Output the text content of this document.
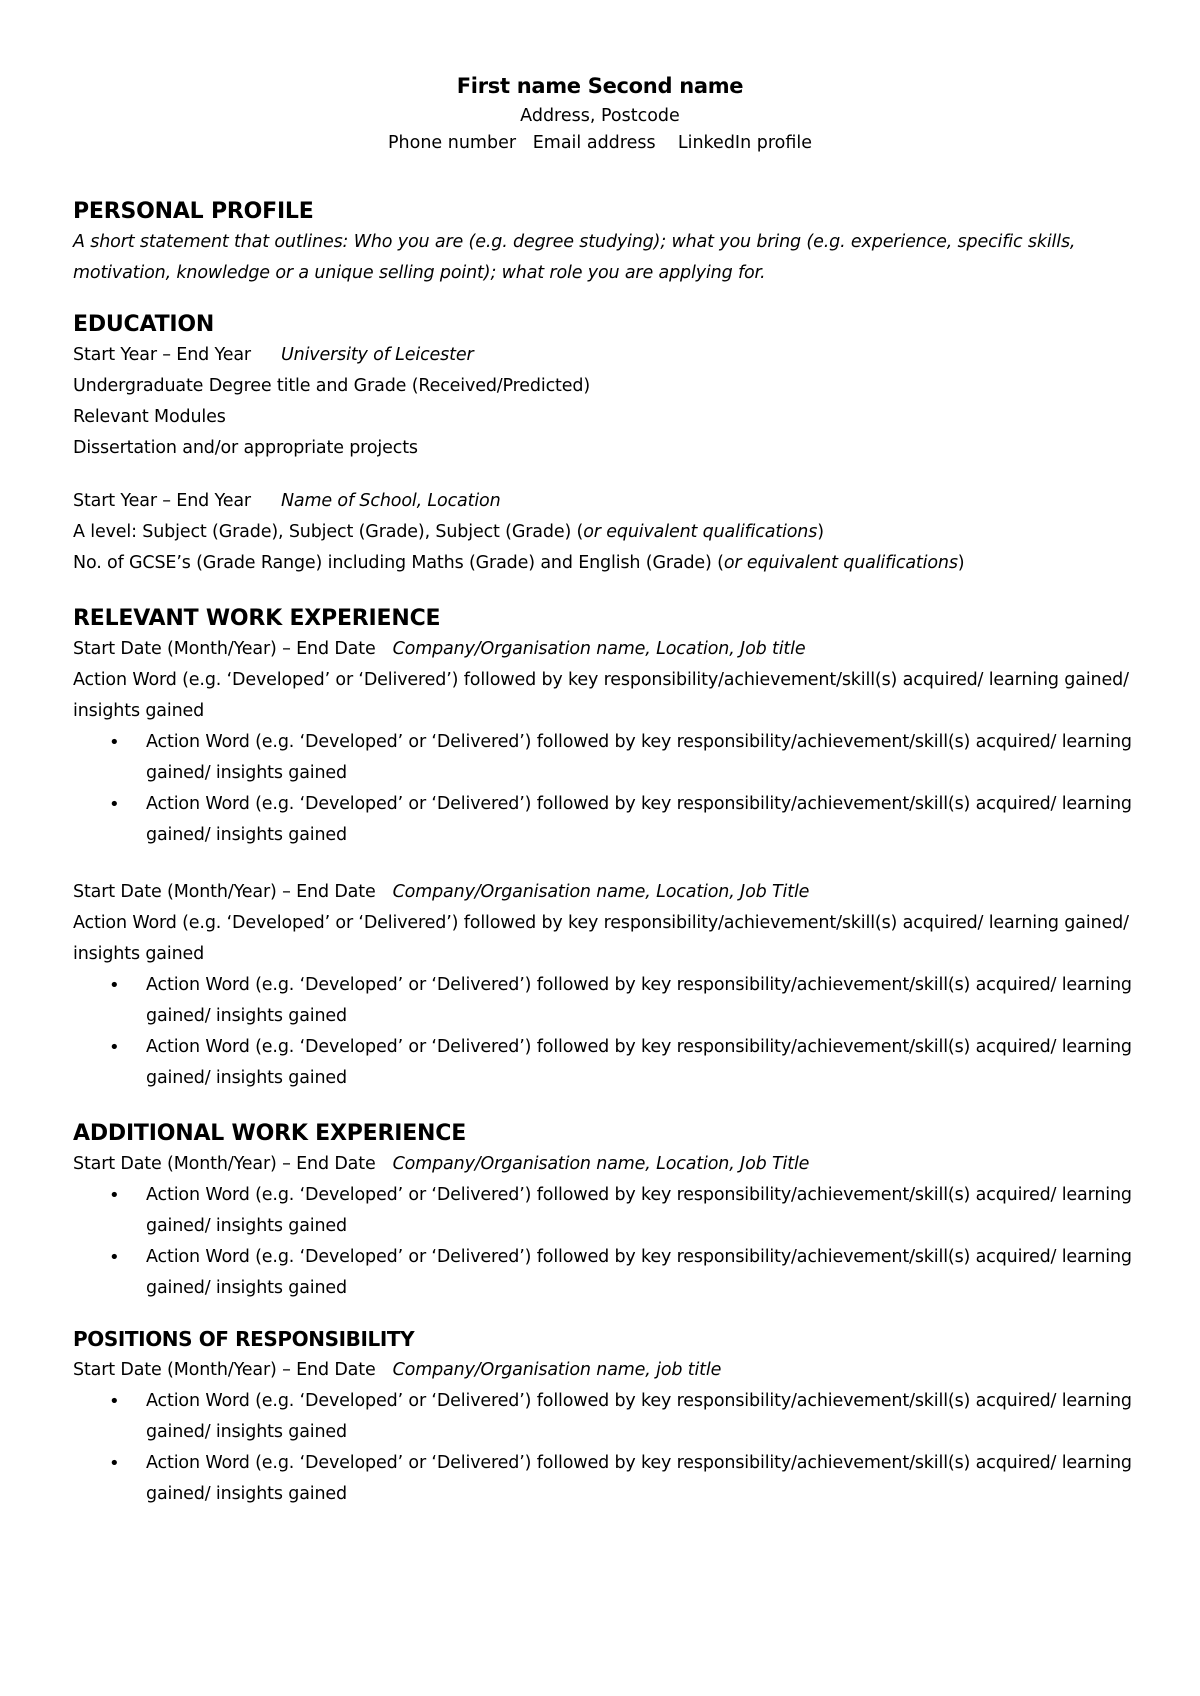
First name Second name
Address, Postcode
Phone number   Email address    LinkedIn profile
PERSONAL PROFILE

A short statement that outlines: Who you are (e.g. degree studying); what you bring (e.g. experience, specific skills, motivation, knowledge or a unique selling point); what role you are applying for.

EDUCATION

Start Year – End Year University of Leicester

Undergraduate Degree title and Grade (Received/Predicted)

Relevant Modules

Dissertation and/or appropriate projects

Start Year – End Year Name of School, Location

A level: Subject (Grade), Subject (Grade), Subject (Grade) (or equivalent qualifications)

No. of GCSE’s (Grade Range) including Maths (Grade) and English (Grade) (or equivalent qualifications)

RELEVANT WORK EXPERIENCE

Start Date (Month/Year) – End Date Company/Organisation name, Location, Job title

Action Word (e.g. ‘Developed’ or ‘Delivered’) followed by key responsibility/achievement/skill(s) acquired/ learning gained/ insights gained

• Action Word (e.g. ‘Developed’ or ‘Delivered’) followed by key responsibility/achievement/skill(s) acquired/ learning gained/ insights gained
• Action Word (e.g. ‘Developed’ or ‘Delivered’) followed by key responsibility/achievement/skill(s) acquired/ learning gained/ insights gained

Start Date (Month/Year) – End Date Company/Organisation name, Location, Job Title

Action Word (e.g. ‘Developed’ or ‘Delivered’) followed by key responsibility/achievement/skill(s) acquired/ learning gained/ insights gained

• Action Word (e.g. ‘Developed’ or ‘Delivered’) followed by key responsibility/achievement/skill(s) acquired/ learning gained/ insights gained
• Action Word (e.g. ‘Developed’ or ‘Delivered’) followed by key responsibility/achievement/skill(s) acquired/ learning gained/ insights gained
ADDITIONAL WORK EXPERIENCE

Start Date (Month/Year) – End Date Company/Organisation name, Location, Job Title

• Action Word (e.g. ‘Developed’ or ‘Delivered’) followed by key responsibility/achievement/skill(s) acquired/ learning gained/ insights gained
• Action Word (e.g. ‘Developed’ or ‘Delivered’) followed by key responsibility/achievement/skill(s) acquired/ learning gained/ insights gained
POSITIONS OF RESPONSIBILITY

Start Date (Month/Year) – End Date Company/Organisation name, job title

• Action Word (e.g. ‘Developed’ or ‘Delivered’) followed by key responsibility/achievement/skill(s) acquired/ learning gained/ insights gained
• Action Word (e.g. ‘Developed’ or ‘Delivered’) followed by key responsibility/achievement/skill(s) acquired/ learning gained/ insights gained
